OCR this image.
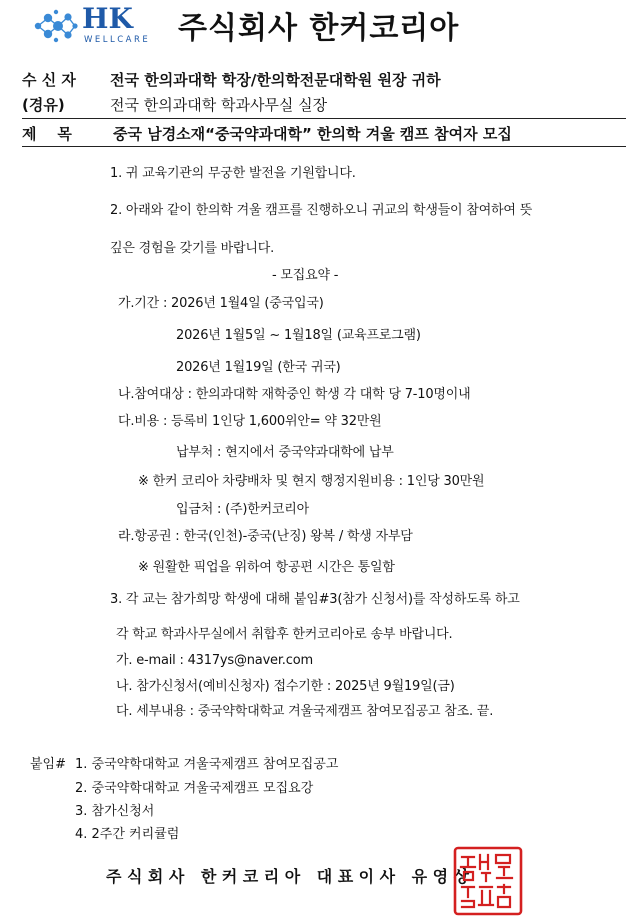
HK
WELLCARE 주식회사 한커코리아
수 신 자 전국 한의과대학 학장/한의학전문대학원 원장 귀하
(경유)	전국 한의과대학 학과사무실 실장
제    목	중국 남경소재“중국약과대학” 한의학 겨울 캠프 참여자 모집
1. 귀 교육기관의 무궁한 발전을 기원합니다.
2. 아래와 같이 한의학 겨울 캠프를 진행하오니 귀교의 학생들이 참여하여 뜻
깊은 경험을 갖기를 바랍니다.
- 모집요약 -
가.기간 : 2026년 1월4일 (중국입국)
2026년 1월5일 ~ 1월18일 (교육프로그램)
2026년 1월19일 (한국 귀국)
나.참여대상 : 한의과대학 재학중인 학생 각 대학 당 7-10명이내
다.비용 : 등록비 1인당 1,600위안= 약 32만원
납부처 : 현지에서 중국약과대학에 납부
※ 한커 코리아 차량배차 및 현지 행정지원비용 : 1인당 30만원
입금처 : (주)한커코리아
라.항공권 : 한국(인천)-중국(난징) 왕복 / 학생 자부담
※ 원활한 픽업을 위하여 항공편 시간은 통일함
3. 각 교는 참가희망 학생에 대해 붙임#3(참가 신청서)를 작성하도록 하고
각 학교 학과사무실에서 취합후 한커코리아로 송부 바랍니다.
가. e-mail : 4317ys@naver.com
나. 참가신청서(예비신청자) 접수기한 : 2025년 9월19일(금)
다. 세부내용 : 중국약학대학교 겨울국제캠프 참여모집공고 참조. 끝.
붙임# 1. 중국약학대학교 겨울국제캠프 참여모집공고
2. 중국약학대학교 겨울국제캠프 모집요강
3. 참가신청서
4. 2주간 커리큘럼
주식회사 한커코리아 대표이사 유영상
